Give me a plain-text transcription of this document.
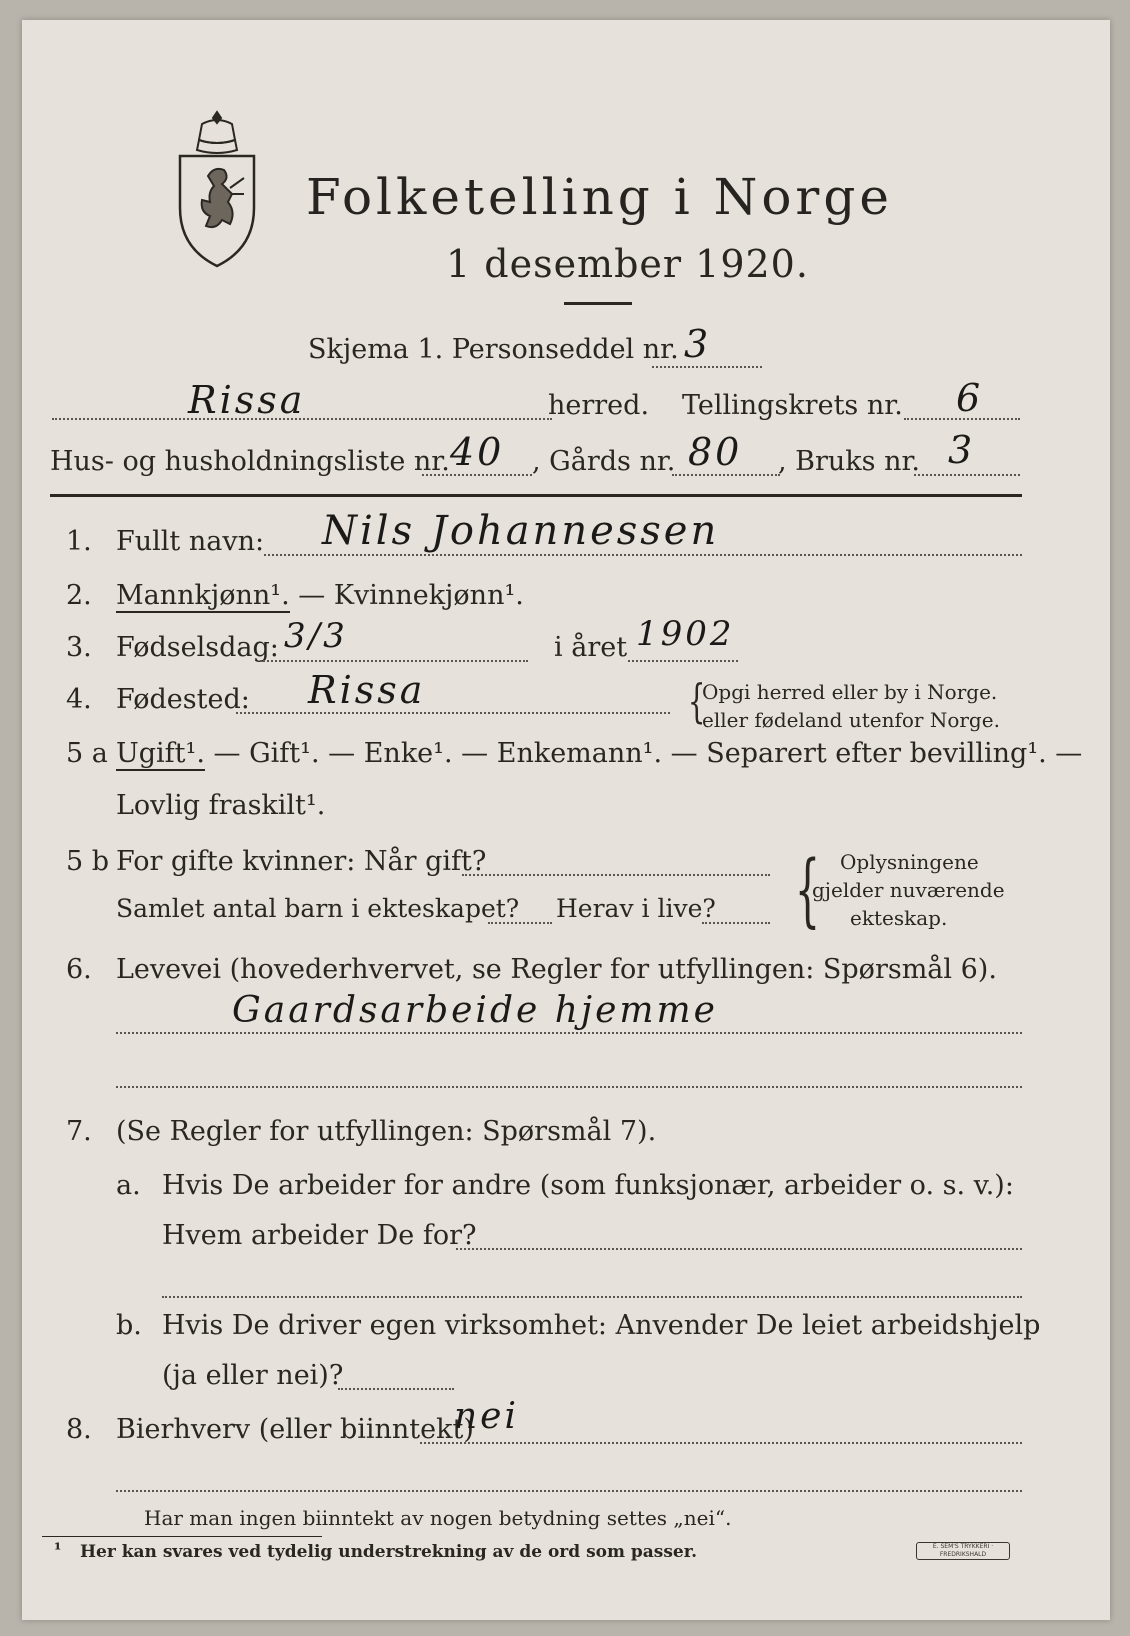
Folketelling i Norge
1 desember 1920.
Skjema 1. Personseddel nr. 3
Rissa	herred. Tellingskrets nr. 6
Hus- og husholdningsliste nr. 40 , Gårds nr. 80 , Bruks nr. 3
1. Fullt navn: Nils Johannessen
2. Mannkjønn¹. — Kvinnekjønn¹.
3. Fødselsdag: 3/3	i året 1902
4. Fødested: Rissa	{
Opgi herred eller by i Norge.
eller fødeland utenfor Norge.
5 a Ugift¹. — Gift¹. — Enke¹. — Enkemann¹. — Separert efter bevilling¹. —
Lovlig fraskilt¹.
5 b For gifte kvinner: Når gift?
Samlet antal barn i ekteskapet? Herav i live? { Oplysningene
gjelder nuværende
ekteskap.
6. Levevei (hovederhvervet, se Regler for utfyllingen: Spørsmål 6).
Gaardsarbeide hjemme
7. (Se Regler for utfyllingen: Spørsmål 7).
a. Hvis De arbeider for andre (som funksjonær, arbeider o. s. v.):
Hvem arbeider De for?
b. Hvis De driver egen virksomhet: Anvender De leiet arbeidshjelp
(ja eller nei)?
8. Bierhverv (eller biinntekt)
nei
Har man ingen biinntekt av nogen betydning settes „nei“.
¹ Her kan svares ved tydelig understrekning av de ord som passer.	E. SEM'S TRYKKERI · FREDRIKSHALD
